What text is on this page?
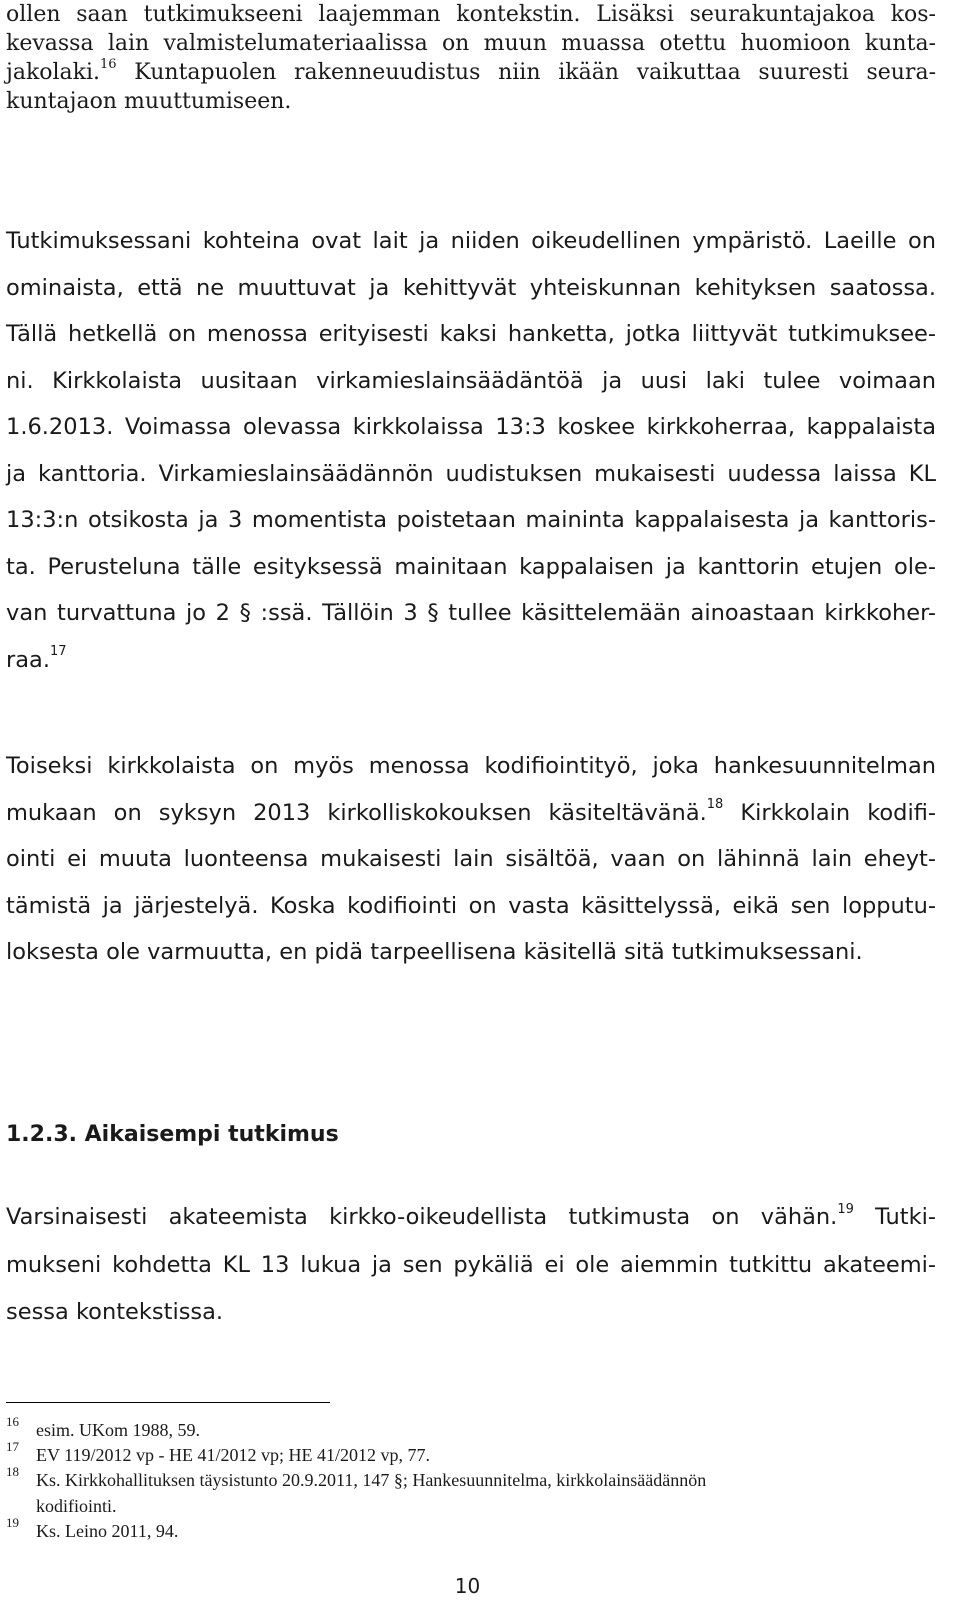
ollen saan tutkimukseeni laajemman kontekstin. Lisäksi seurakuntajakoa kos-
kevassa lain valmistelumateriaalissa on muun muassa otettu huomioon kunta-
jakolaki.$^{16}$ Kuntapuolen rakenneuudistus niin ikään vaikuttaa suuresti seura-
kuntajaon muuttumiseen.
Tutkimuksessani kohteina ovat lait ja niiden oikeudellinen ympäristö. Laeille on
ominaista, että ne muuttuvat ja kehittyvät yhteiskunnan kehityksen saatossa.
Tällä hetkellä on menossa erityisesti kaksi hanketta, jotka liittyvät tutkimuksee-
ni. Kirkkolaista uusitaan virkamieslainsäädäntöä ja uusi laki tulee voimaan
1.6.2013. Voimassa olevassa kirkkolaissa 13:3 koskee kirkkoherraa, kappalaista
ja kanttoria. Virkamieslainsäädännön uudistuksen mukaisesti uudessa laissa KL
13:3:n otsikosta ja 3 momentista poistetaan maininta kappalaisesta ja kanttoris-
ta. Perusteluna tälle esityksessä mainitaan kappalaisen ja kanttorin etujen ole-
van turvattuna jo 2 § :ssä. Tällöin 3 § tullee käsittelemään ainoastaan kirkkoher-
raa.$^{17}$
Toiseksi kirkkolaista on myös menossa kodifiointityö, joka hankesuunnitelman
mukaan on syksyn 2013 kirkolliskokouksen käsiteltävänä.$^{18}$ Kirkkolain kodifi-
ointi ei muuta luonteensa mukaisesti lain sisältöä, vaan on lähinnä lain eheyt-
tämistä ja järjestelyä. Koska kodifiointi on vasta käsittelyssä, eikä sen lopputu-
loksesta ole varmuutta, en pidä tarpeellisena käsitellä sitä tutkimuksessani.
Varsinaisesti akateemista kirkko-oikeudellista tutkimusta on vähän.$^{19}$ Tutki-
mukseni kohdetta KL 13 lukua ja sen pykäliä ei ole aiemmin tutkittu akateemi-
sessa kontekstissa.
1.2.3. Aikaisempi tutkimus
16 esim. UKom 1988, 59.
17 EV 119/2012 vp - HE 41/2012 vp; HE 41/2012 vp, 77.
18 Ks. Kirkkohallituksen täysistunto 20.9.2011, 147 §; Hankesuunnitelma, kirkkolainsäädännön
kodifiointi.
19 Ks. Leino 2011, 94.
10
